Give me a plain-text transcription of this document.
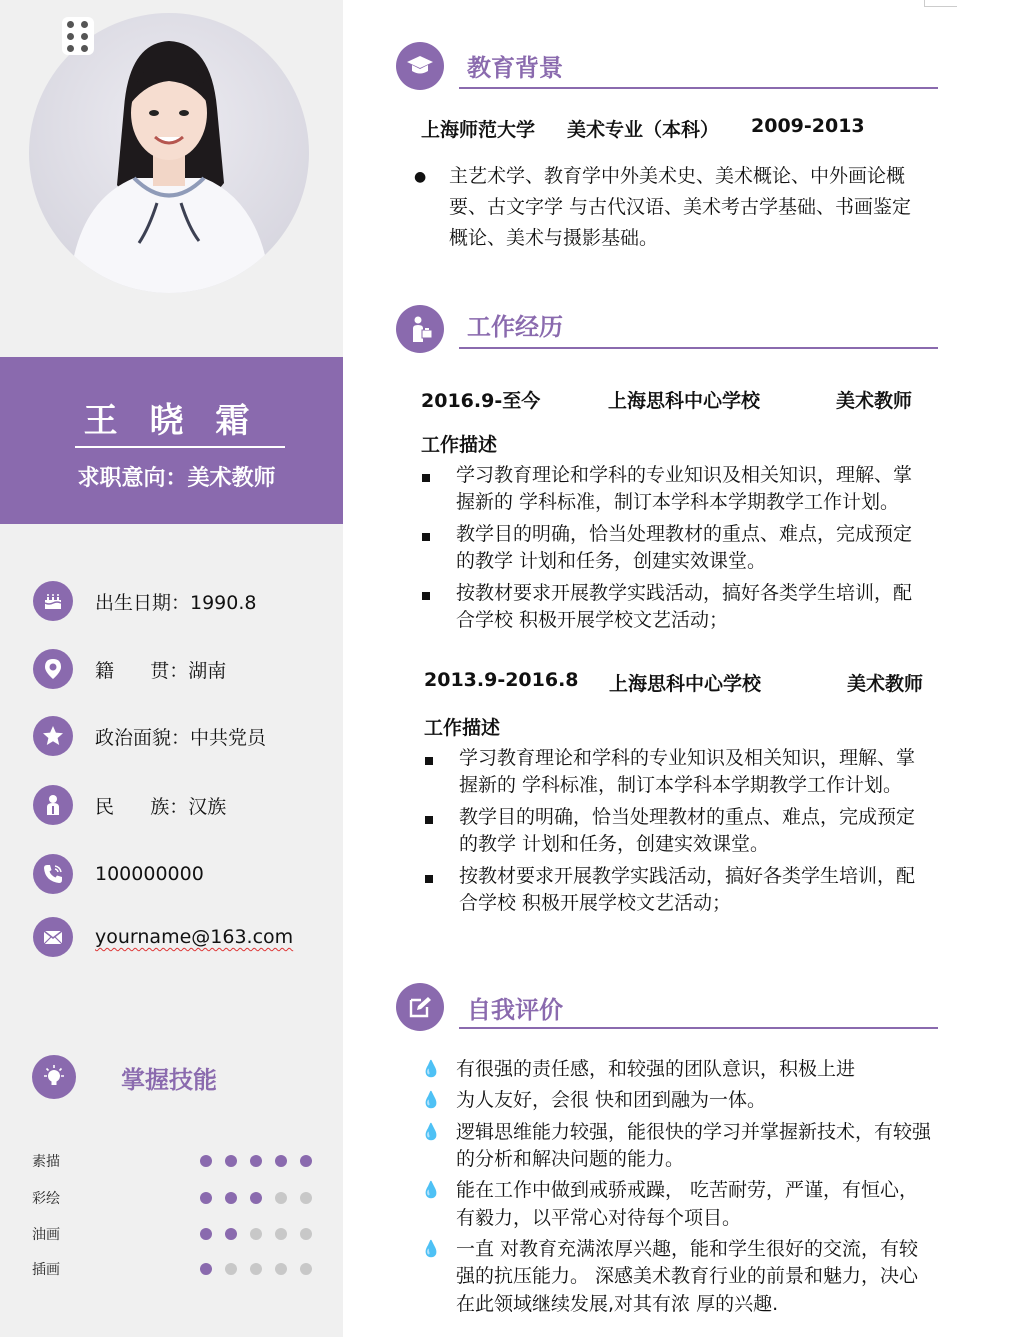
王 晓 霜
求职意向：美术教师
出生日期：1990.8
籍      贯：湖南
政治面貌：中共党员
民      族：汉族
100000000
yourname@163.com
掌握技能
素描
彩绘
油画
插画
教育背景
上海师范大学 美术专业（本科） 2009-2013
● 主艺术学、教育学中外美术史、美术概论、中外画论概
要、古文字学 与古代汉语、美术考古学基础、书画鉴定
概论、美术与摄影基础。
工作经历
2016.9-至今	上海思科中心学校	美术教师
工作描述
学习教育理论和学科的专业知识及相关知识，理解、掌
握新的 学科标准，制订本学科本学期教学工作计划。
教学目的明确，恰当处理教材的重点、难点，完成预定
的教学 计划和任务，创建实效课堂。
按教材要求开展教学实践活动，搞好各类学生培训，配
合学校 积极开展学校文艺活动；
2013.9-2016.8 上海思科中心学校	美术教师
工作描述
学习教育理论和学科的专业知识及相关知识，理解、掌
握新的 学科标准，制订本学科本学期教学工作计划。
教学目的明确，恰当处理教材的重点、难点，完成预定
的教学 计划和任务，创建实效课堂。
按教材要求开展教学实践活动，搞好各类学生培训，配
合学校 积极开展学校文艺活动；
自我评价
💧 有很强的责任感，和较强的团队意识，积极上进
💧 为人友好，会很 快和团到融为一体。
💧 逻辑思维能力较强，能很快的学习并掌握新技术，有较强
的分析和解决问题的能力。
💧 能在工作中做到戒骄戒躁， 吃苦耐劳，严谨，有恒心，
有毅力，以平常心对待每个项目。
💧 一直 对教育充满浓厚兴趣，能和学生很好的交流，有较
强的抗压能力。 深感美术教育行业的前景和魅力，决心
在此领域继续发展,对其有浓 厚的兴趣.
